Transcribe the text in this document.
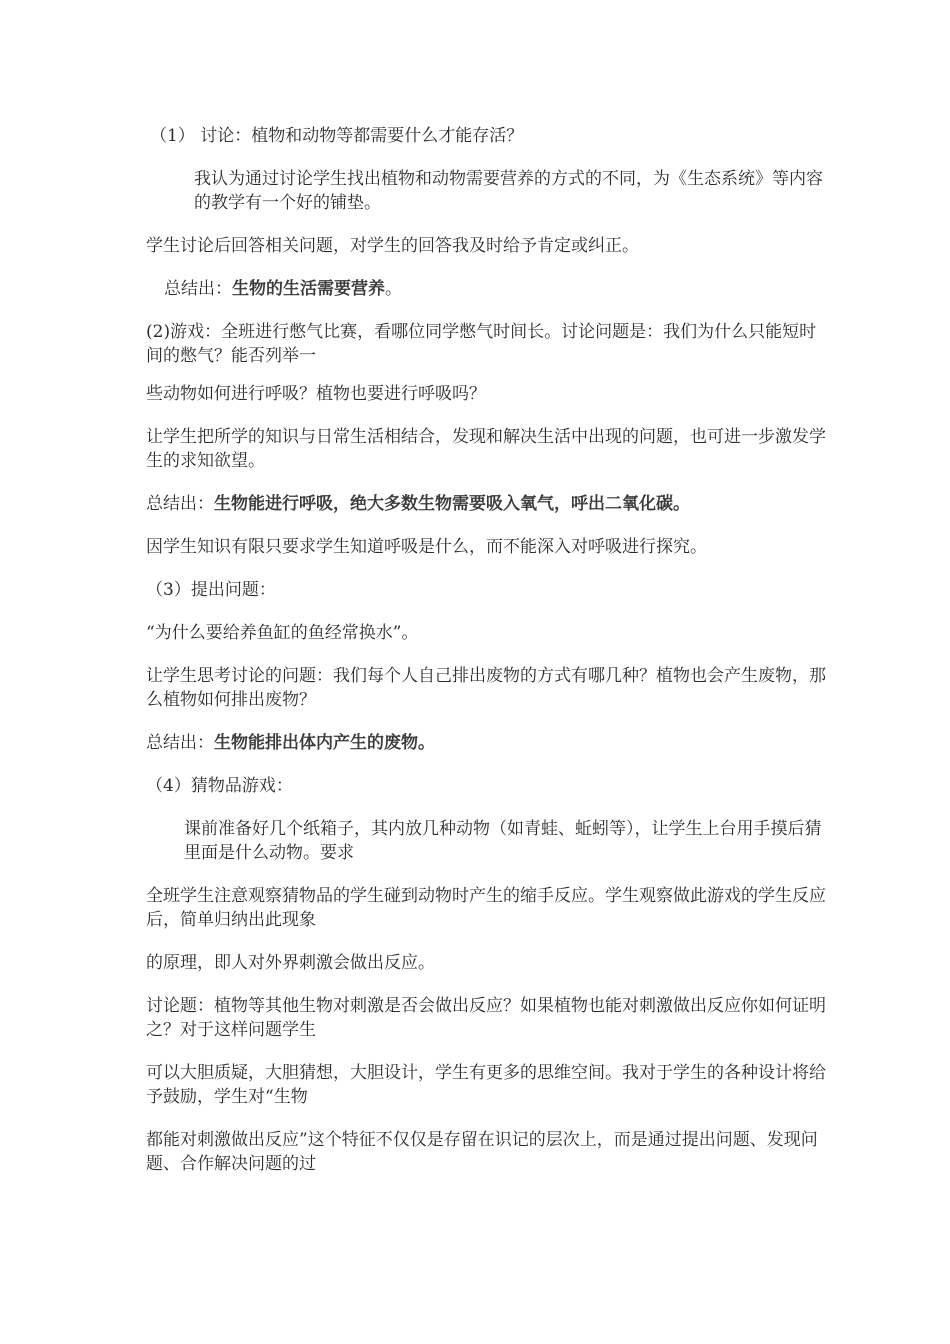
（1） 讨论：植物和动物等都需要什么才能存活？

我认为通过讨论学生找出植物和动物需要营养的方式的不同，为《生态系统》等内容的教学有一个好的铺垫。

学生讨论后回答相关问题，对学生的回答我及时给予肯定或纠正。

总结出：生物的生活需要营养。

(2)游戏：全班进行憋气比赛，看哪位同学憋气时间长。讨论问题是：我们为什么只能短时间的憋气？能否列举一

些动物如何进行呼吸？植物也要进行呼吸吗？

让学生把所学的知识与日常生活相结合，发现和解决生活中出现的问题，也可进一步激发学生的求知欲望。

总结出：生物能进行呼吸，绝大多数生物需要吸入氧气，呼出二氧化碳。

因学生知识有限只要求学生知道呼吸是什么，而不能深入对呼吸进行探究。

（3）提出问题：

“为什么要给养鱼缸的鱼经常换水”。

让学生思考讨论的问题：我们每个人自己排出废物的方式有哪几种？植物也会产生废物，那么植物如何排出废物？

总结出：生物能排出体内产生的废物。

（4）猜物品游戏：

课前准备好几个纸箱子，其内放几种动物（如青蛙、蚯蚓等），让学生上台用手摸后猜里面是什么动物。要求

全班学生注意观察猜物品的学生碰到动物时产生的缩手反应。学生观察做此游戏的学生反应后，简单归纳出此现象

的原理，即人对外界刺激会做出反应。

讨论题：植物等其他生物对刺激是否会做出反应？如果植物也能对刺激做出反应你如何证明之？对于这样问题学生

可以大胆质疑，大胆猜想，大胆设计，学生有更多的思维空间。我对于学生的各种设计将给予鼓励，学生对“生物

都能对刺激做出反应”这个特征不仅仅是存留在识记的层次上，而是通过提出问题、发现问题、合作解决问题的过
